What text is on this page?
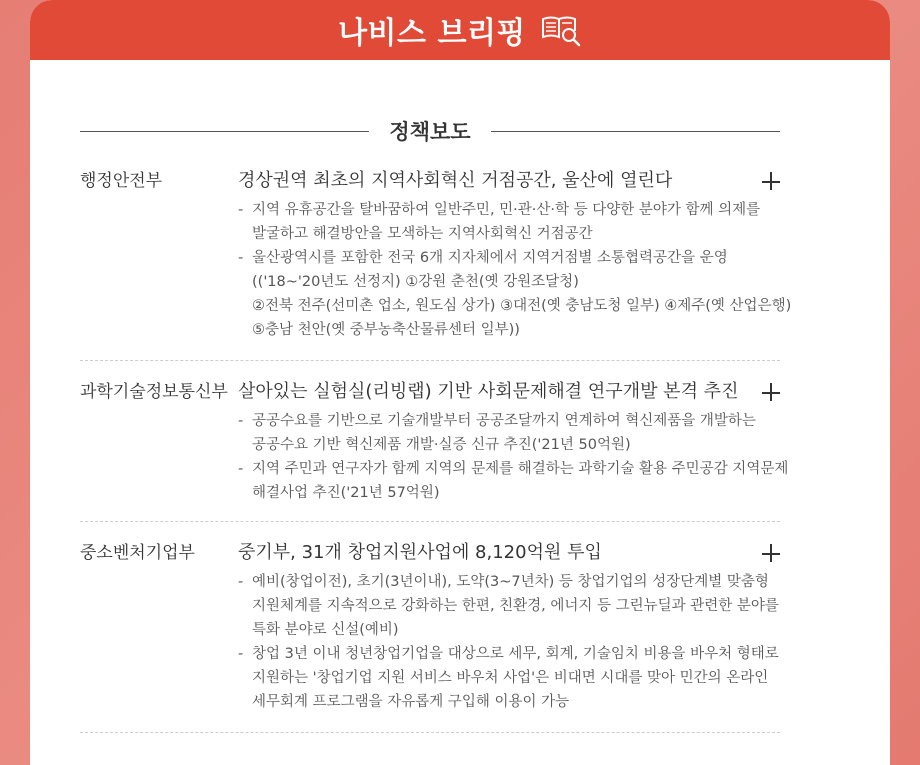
나비스 브리핑
정책보도
행정안전부	경상권역 최초의 지역사회혁신 거점공간, 울산에 열린다
- 지역 유휴공간을 탈바꿈하여 일반주민, 민·관·산·학 등 다양한 분야가 함께 의제를
발굴하고 해결방안을 모색하는 지역사회혁신 거점공간
- 울산광역시를 포함한 전국 6개 지자체에서 지역거점별 소통협력공간을 운영
(('18~'20년도 선정지) ①강원 춘천(옛 강원조달청)
②전북 전주(선미촌 업소, 원도심 상가) ③대전(옛 충남도청 일부) ④제주(옛 산업은행)
⑤충남 천안(옛 중부농축산물류센터 일부))
과학기술정보통신부 살아있는 실험실(리빙랩) 기반 사회문제해결 연구개발 본격 추진
- 공공수요를 기반으로 기술개발부터 공공조달까지 연계하여 혁신제품을 개발하는
공공수요 기반 혁신제품 개발·실증 신규 추진('21년 50억원)
- 지역 주민과 연구자가 함께 지역의 문제를 해결하는 과학기술 활용 주민공감 지역문제
해결사업 추진('21년 57억원)
중소벤처기업부	중기부, 31개 창업지원사업에 8,120억원 투입
- 예비(창업이전), 초기(3년이내), 도약(3~7년차) 등 창업기업의 성장단계별 맞춤형
지원체계를 지속적으로 강화하는 한편, 친환경, 에너지 등 그린뉴딜과 관련한 분야를
특화 분야로 신설(예비)
- 창업 3년 이내 청년창업기업을 대상으로 세무, 회계, 기술임치 비용을 바우처 형태로
지원하는 '창업기업 지원 서비스 바우처 사업'은 비대면 시대를 맞아 민간의 온라인
세무회계 프로그램을 자유롭게 구입해 이용이 가능
